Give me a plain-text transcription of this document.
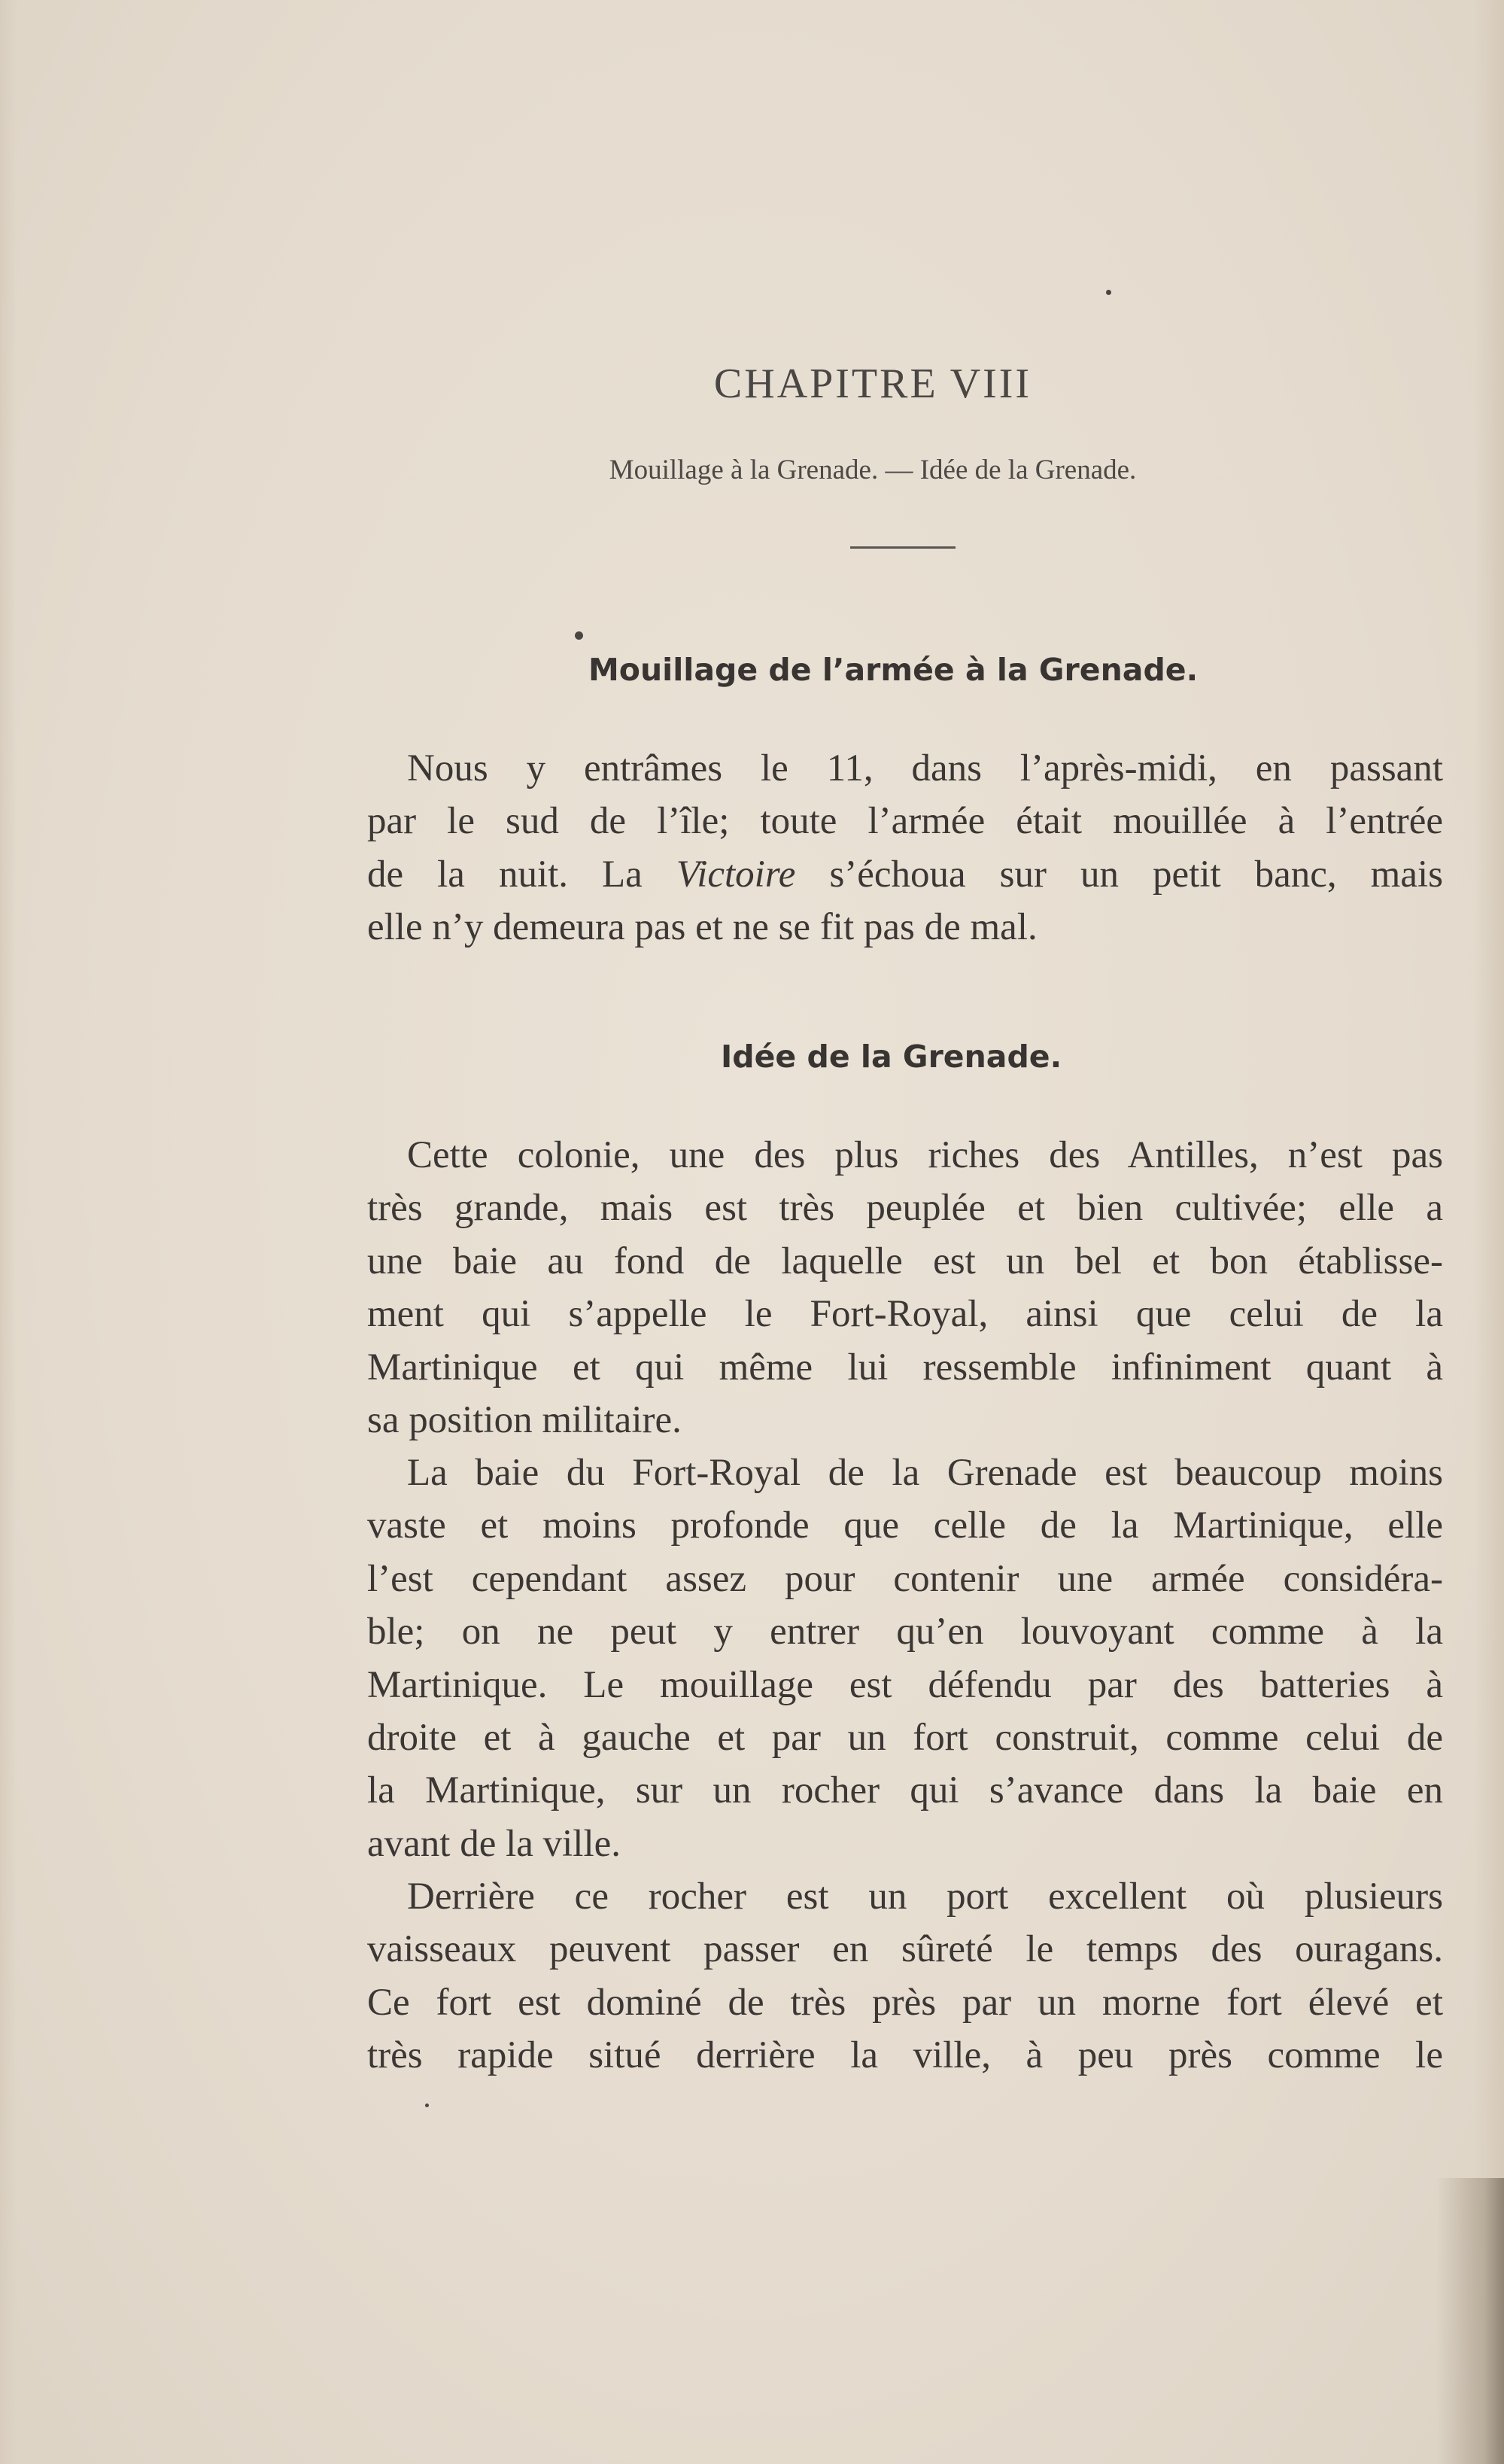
CHAPITRE VIII
Mouillage à la Grenade. — Idée de la Grenade.
Mouillage de l’armée à la Grenade.
Nous y entrâmes le 11, dans l’après-midi, en passant
par le sud de l’île; toute l’armée était mouillée à l’entrée
de la nuit. La Victoire s’échoua sur un petit banc, mais
elle n’y demeura pas et ne se fit pas de mal.
Idée de la Grenade.
Cette colonie, une des plus riches des Antilles, n’est pas
très grande, mais est très peuplée et bien cultivée; elle a
une baie au fond de laquelle est un bel et bon établisse-
ment qui s’appelle le Fort-Royal, ainsi que celui de la
Martinique et qui même lui ressemble infiniment quant à
sa position militaire.
La baie du Fort-Royal de la Grenade est beaucoup moins
vaste et moins profonde que celle de la Martinique, elle
l’est cependant assez pour contenir une armée considéra-
ble; on ne peut y entrer qu’en louvoyant comme à la
Martinique. Le mouillage est défendu par des batteries à
droite et à gauche et par un fort construit, comme celui de
la Martinique, sur un rocher qui s’avance dans la baie en
avant de la ville.
Derrière ce rocher est un port excellent où plusieurs
vaisseaux peuvent passer en sûreté le temps des ouragans.
Ce fort est dominé de très près par un morne fort élevé et
très rapide situé derrière la ville, à peu près comme le
